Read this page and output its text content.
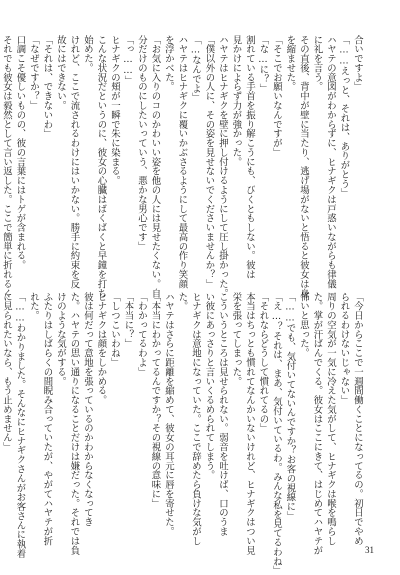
合いですよ」
「……えっと、それは、ありがとう」
ハヤテの意図がわからずに、ヒナギクは戸惑いながらも律儀
に礼を言う。
その直後、背中が壁に当たり、逃げ場がないと悟ると彼女は身
を縮ませた。
「そこでお願いなんですが」
「な…に？」
割れている手首を振り解こうにも、びくともしない。彼は
見かけによらず力が強かった。
ハヤテはヒナギクを壁に押し付けるようにして圧し掛かった。
「僕以外の人に、その姿を見せないでくださいませんか？」
「…なんでよ」
ハヤテはヒナギクに覆いかぶさるようにして最高の作り笑顔
を浮かべた。
「お気に入りのコのかわいい姿を他の人には見せたくない。自
分だけのものにしたいっていう、悪かな男心です」
「っ……」
ヒナギクの頬が一瞬で朱に染まる。
こんな状況だというのに、彼女の心臓はばくばくと早鐘を打ち
始めた。
けれど、ここで流されるわけにはいかない。勝手に約束を反
故にはできない。
「それは、できないわ」
「なぜですか？」
口調こそ優しいものの、彼の言葉にはトゲが含まれる。
それでも彼女は毅然として言い返した。ここで簡単に折れるく
「今日からここで一週間働くことになってるの。初日でやめ
られるわけないじゃない」
周りの空気が一気に冷えた気がして、ヒナギクは喉を鳴らし
た。掌が汗ばんでくる。彼女はここにきて、はじめてハヤテが
怖いと思った。
「……でも、気付いてないんですか？お客の視線に」
「え…？それは、まあ、気付いているわ。みんな私を見てるわね」
「それならどうして慣れてるの」
本当はちっとも慣れてなんかいないけれど、ヒナギクはつい見
栄を張ってしまった。
こういうところは見せられない。弱音を吐けば、口のうま
い彼にあっさりと言いくるめられてしまう。
ヒナギクは意地になっていた。ここで辞めたら負けな気がし
た。
ハヤテはさらに距離を縮めて、彼女の耳元に唇を寄せた。
「本当にわかってるんですか？その視線の意味に」
「わかってるわよ」
「本当に？」
「しつこいわね」
ヒナギクは顔をしかめる。
彼は何だって意地を張っているのかわからなくなってき
た。ハヤテの思い通りになることだけは嫌だった。それでは負
けのような気がする。
ふたりはしばらくの間睨み合っていたが、やがてハヤテが折
れた。
「……わかりました。そんなにヒナギクさんがお客さんに執着
に見られたいなら、もう止めません」
31
